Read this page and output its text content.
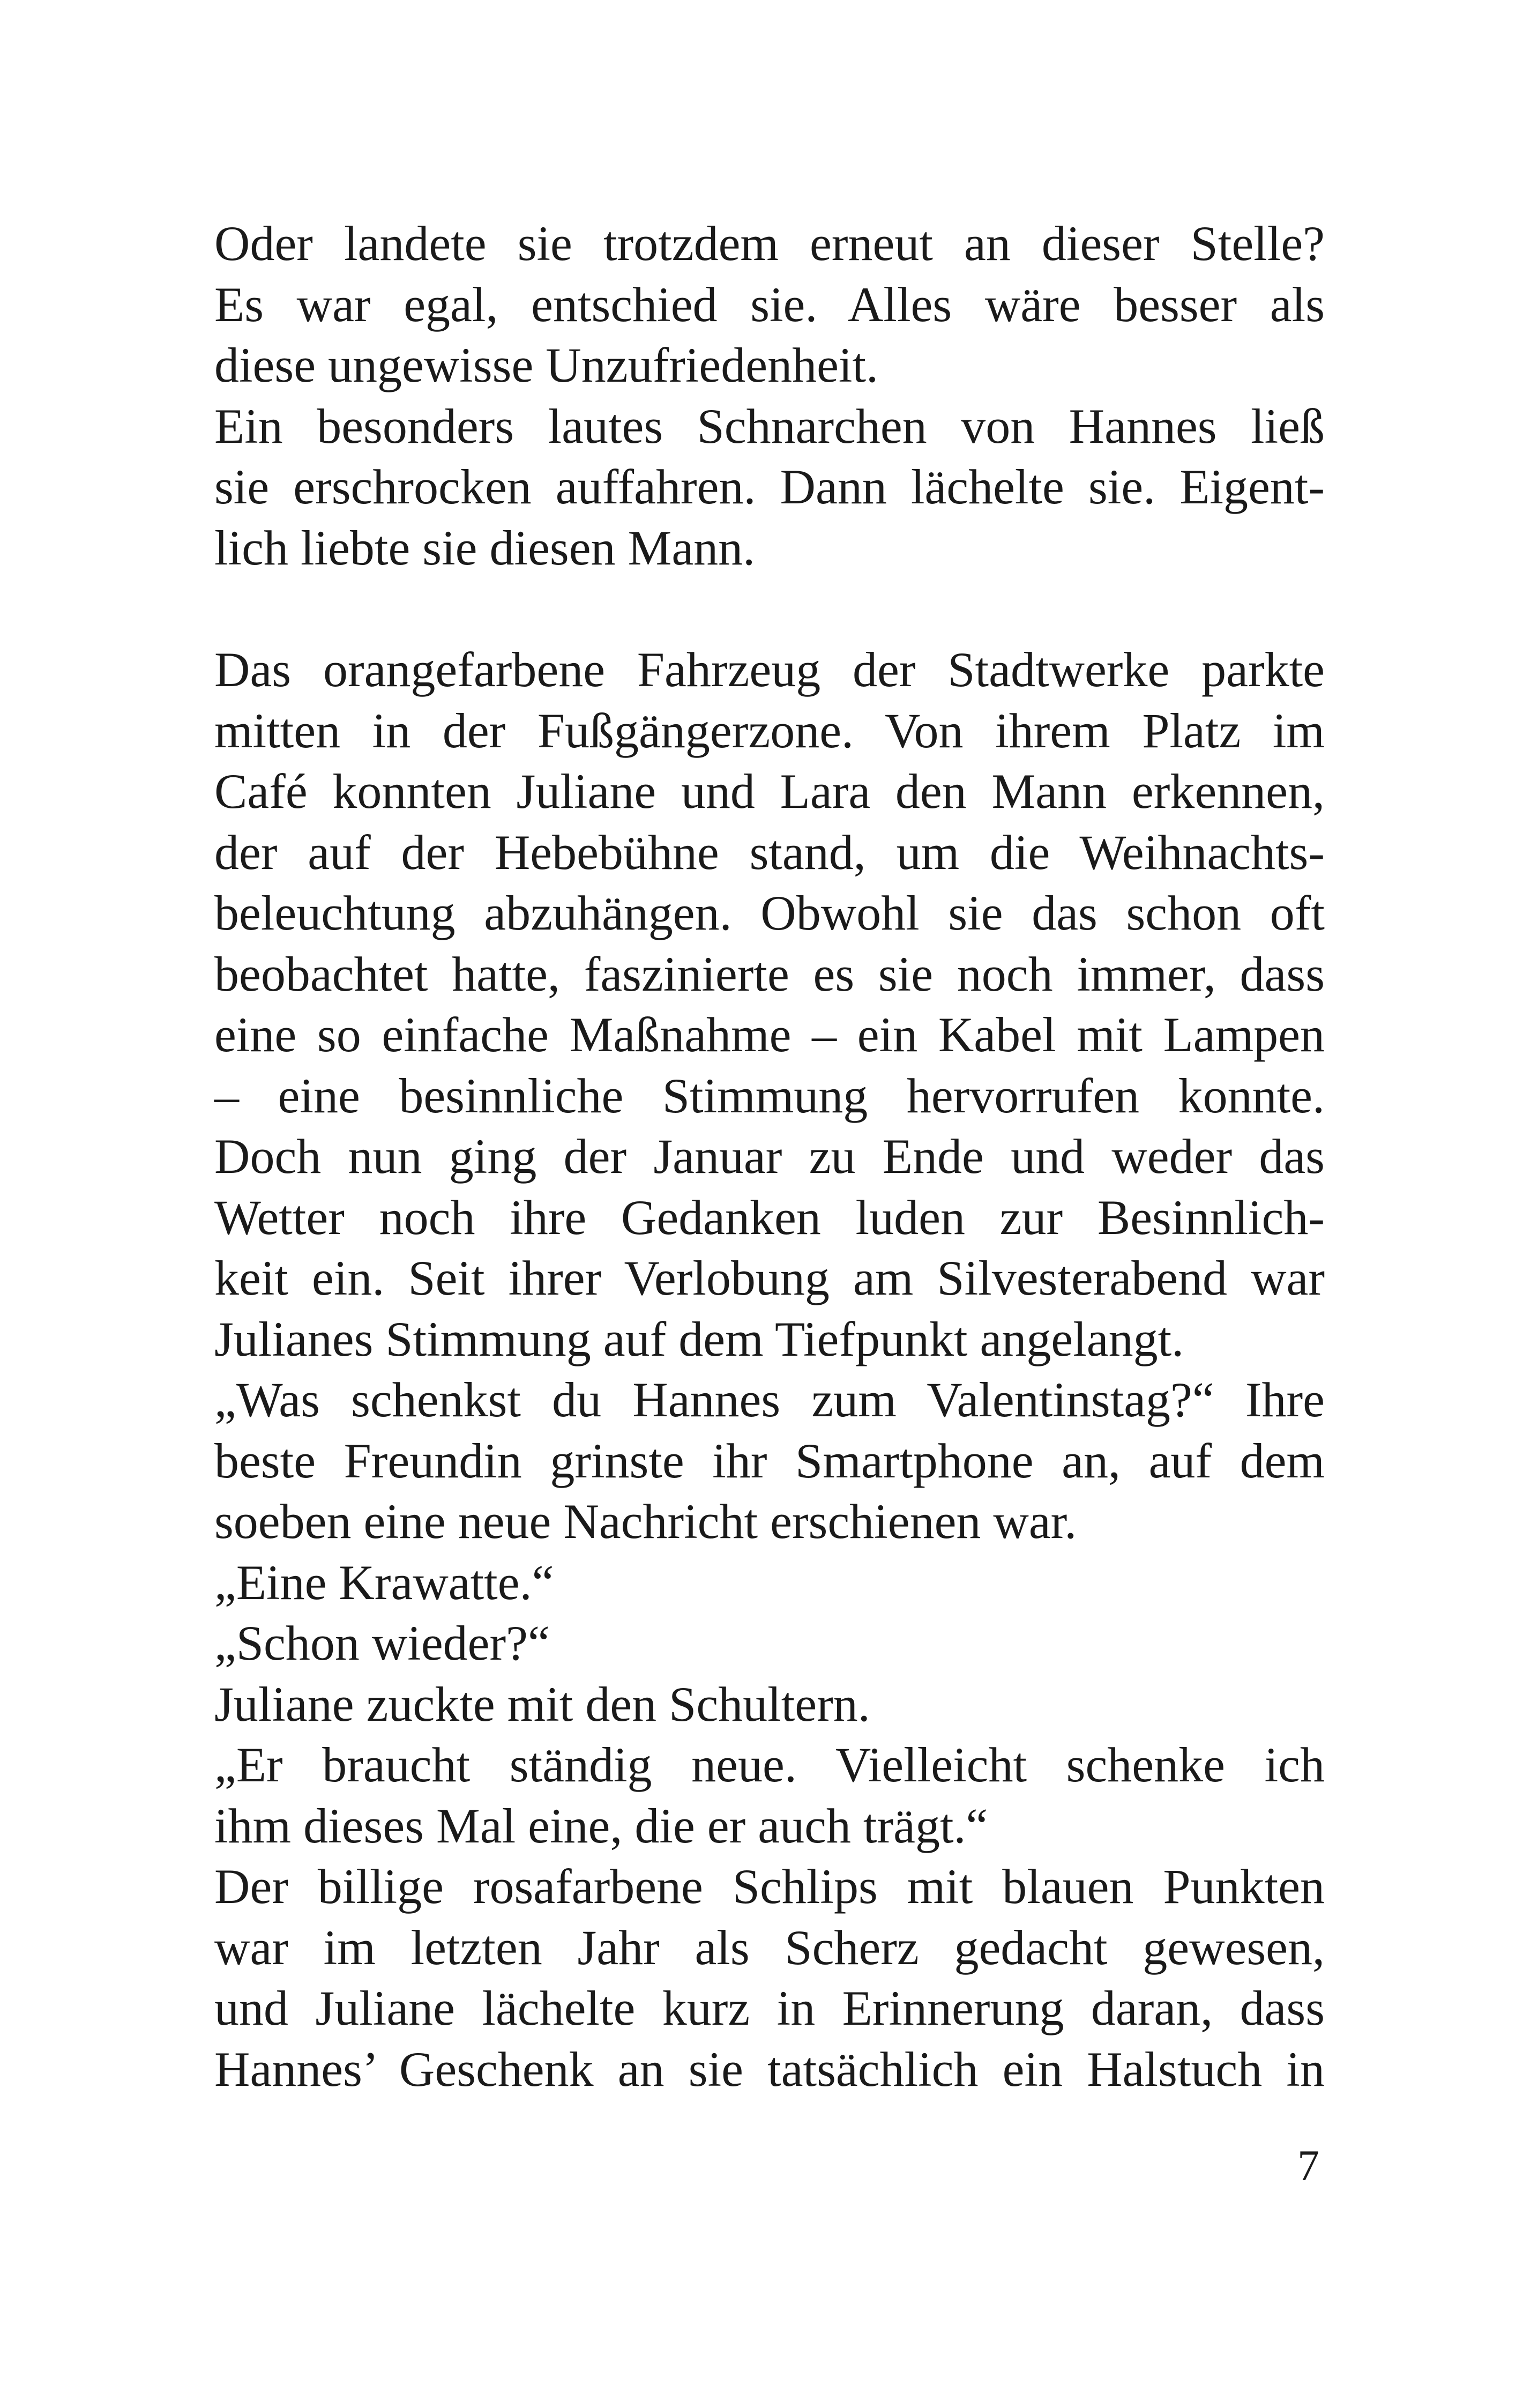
Oder landete sie trotzdem erneut an dieser Stelle?
Es war egal, entschied sie. Alles wäre besser als
diese ungewisse Unzufriedenheit.
Ein besonders lautes Schnarchen von Hannes ließ
sie erschrocken auffahren. Dann lächelte sie. Eigent-
lich liebte sie diesen Mann.
Das orangefarbene Fahrzeug der Stadtwerke parkte
mitten in der Fußgängerzone. Von ihrem Platz im
Café konnten Juliane und Lara den Mann erkennen,
der auf der Hebebühne stand, um die Weihnachts-
beleuchtung abzuhängen. Obwohl sie das schon oft
beobachtet hatte, faszinierte es sie noch immer, dass
eine so einfache Maßnahme – ein Kabel mit Lampen
– eine besinnliche Stimmung hervorrufen konnte.
Doch nun ging der Januar zu Ende und weder das
Wetter noch ihre Gedanken luden zur Besinnlich-
keit ein. Seit ihrer Verlobung am Silvesterabend war
Julianes Stimmung auf dem Tiefpunkt angelangt.
„Was schenkst du Hannes zum Valentinstag?“ Ihre
beste Freundin grinste ihr Smartphone an, auf dem
soeben eine neue Nachricht erschienen war.
„Eine Krawatte.“
„Schon wieder?“
Juliane zuckte mit den Schultern.
„Er braucht ständig neue. Vielleicht schenke ich
ihm dieses Mal eine, die er auch trägt.“
Der billige rosafarbene Schlips mit blauen Punkten
war im letzten Jahr als Scherz gedacht gewesen,
und Juliane lächelte kurz in Erinnerung daran, dass
Hannes’ Geschenk an sie tatsächlich ein Halstuch in
7
